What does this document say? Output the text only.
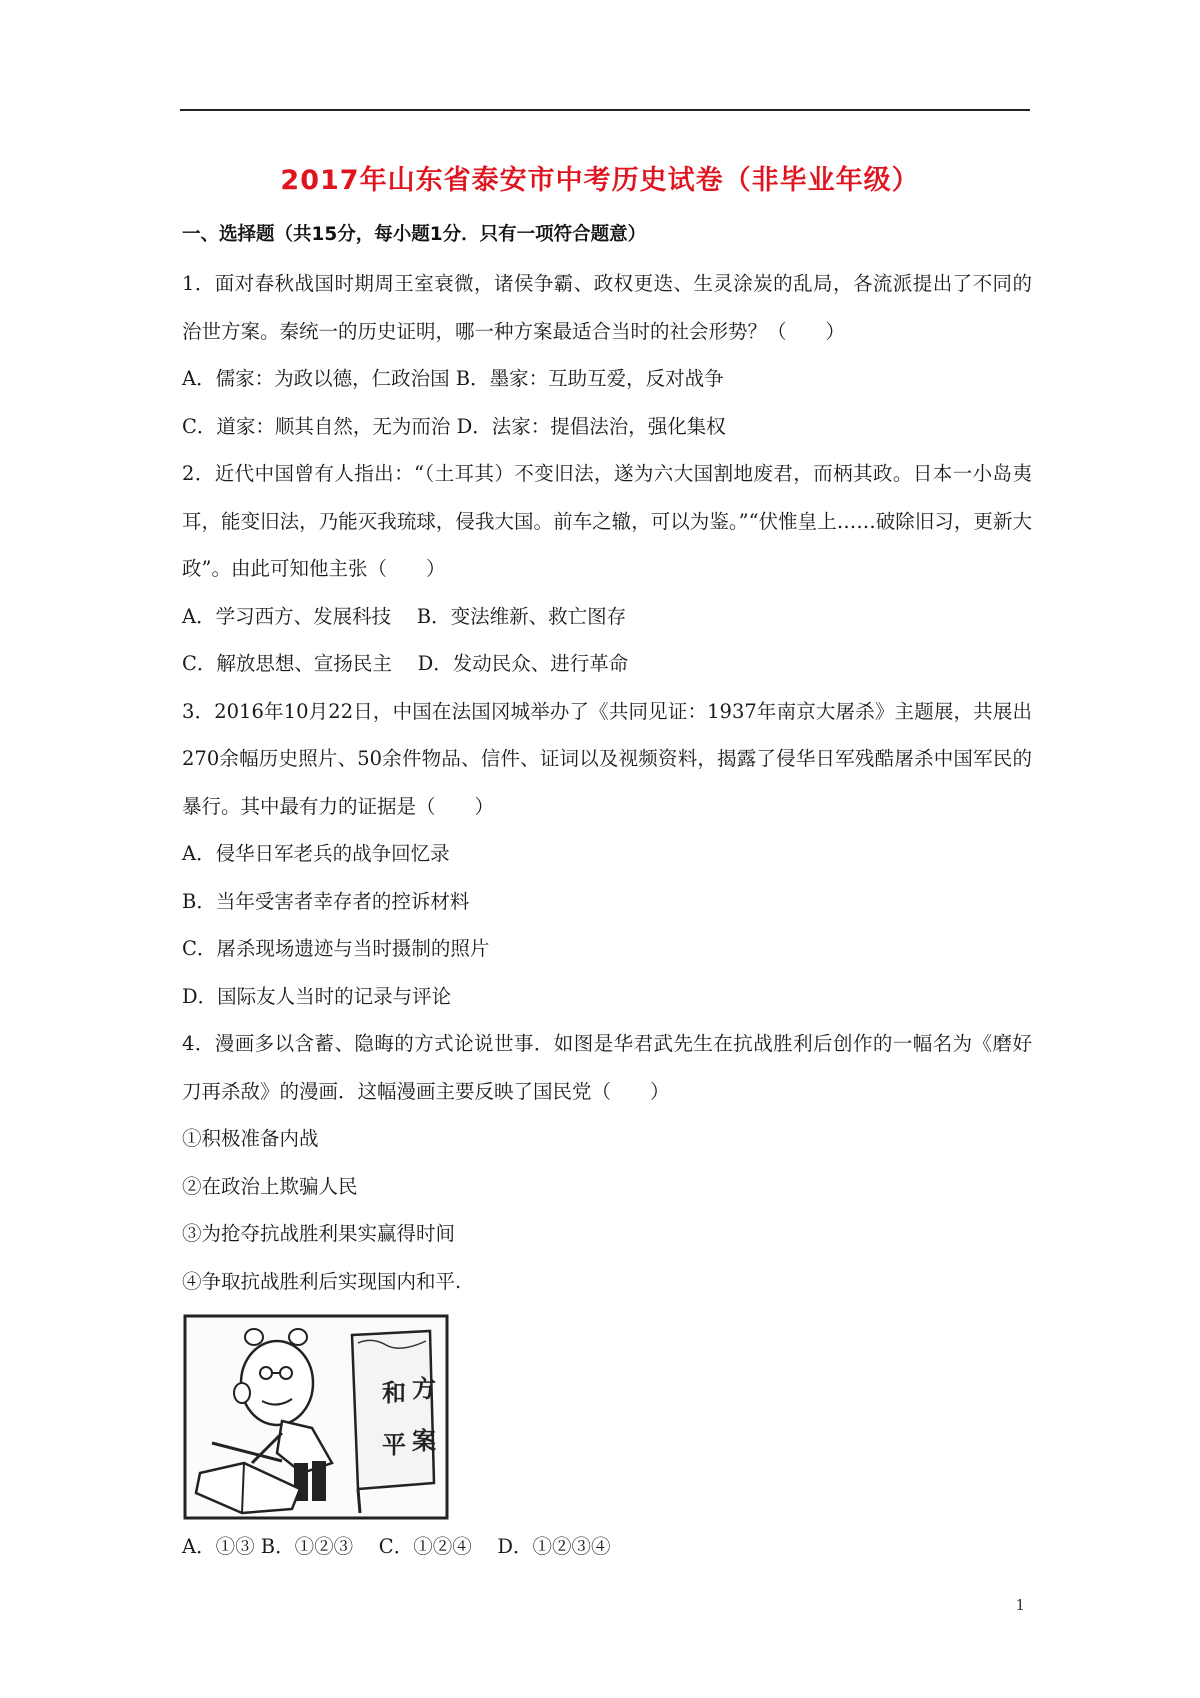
2017年山东省泰安市中考历史试卷（非毕业年级）
一、选择题（共15分，每小题1分．只有一项符合题意）

1．面对春秋战国时期周王室衰微，诸侯争霸、政权更迭、生灵涂炭的乱局，各流派提出了不同的治世方案。秦统一的历史证明，哪一种方案最适合当时的社会形势？（　　）

A．儒家：为政以德，仁政治国 B．墨家：互助互爱，反对战争

C．道家：顺其自然，无为而治 D．法家：提倡法治，强化集权

2．近代中国曾有人指出：“（土耳其）不变旧法，遂为六大国割地废君，而柄其政。日本一小岛夷耳，能变旧法，乃能灭我琉球，侵我大国。前车之辙，可以为鉴。”“伏惟皇上……破除旧习，更新大政”。由此可知他主张（　　）

A．学习西方、发展科技　 B．变法维新、救亡图存

C．解放思想、宣扬民主　 D．发动民众、进行革命

3．2016年10月22日，中国在法国冈城举办了《共同见证：1937年南京大屠杀》主题展，共展出270余幅历史照片、50余件物品、信件、证词以及视频资料，揭露了侵华日军残酷屠杀中国军民的暴行。其中最有力的证据是（　　）

A．侵华日军老兵的战争回忆录

B．当年受害者幸存者的控诉材料

C．屠杀现场遗迹与当时摄制的照片

D．国际友人当时的记录与评论

4．漫画多以含蓄、隐晦的方式论说世事．如图是华君武先生在抗战胜利后创作的一幅名为《磨好刀再杀敌》的漫画．这幅漫画主要反映了国民党（　　）

①积极准备内战

②在政治上欺骗人民

③为抢夺抗战胜利果实赢得时间

④争取抗战胜利后实现国内和平.

和 方
平 案

A．①③ B．①②③　 C．①②④　 D．①②③④

1
